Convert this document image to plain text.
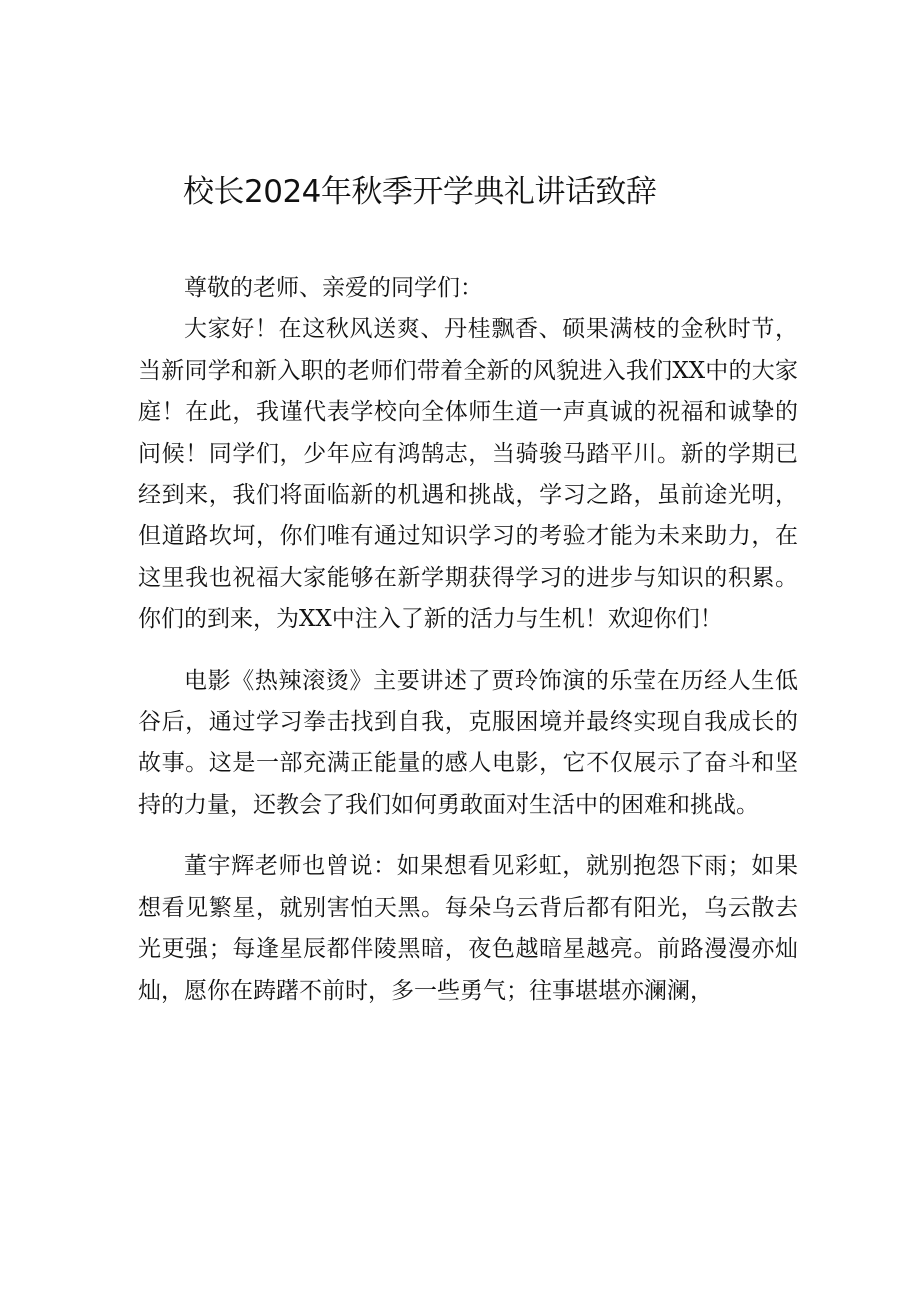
校长2024年秋季开学典礼讲话致辞

尊敬的老师、亲爱的同学们：

大家好！在这秋风送爽、丹桂飘香、硕果满枝的金秋时节，当新同学和新入职的老师们带着全新的风貌进入我们XX中的大家庭！在此，我谨代表学校向全体师生道一声真诚的祝福和诚挚的问候！同学们，少年应有鸿鹄志，当骑骏马踏平川。新的学期已经到来，我们将面临新的机遇和挑战，学习之路，虽前途光明，但道路坎坷，你们唯有通过知识学习的考验才能为未来助力，在这里我也祝福大家能够在新学期获得学习的进步与知识的积累。你们的到来，为XX中注入了新的活力与生机！欢迎你们！

电影《热辣滚烫》主要讲述了贾玲饰演的乐莹在历经人生低谷后，通过学习拳击找到自我，克服困境并最终实现自我成长的故事。这是一部充满正能量的感人电影，它不仅展示了奋斗和坚持的力量，还教会了我们如何勇敢面对生活中的困难和挑战。

董宇辉老师也曾说：如果想看见彩虹，就别抱怨下雨；如果想看见繁星，就别害怕天黑。每朵乌云背后都有阳光，乌云散去光更强；每逢星辰都伴陵黑暗，夜色越暗星越亮。前路漫漫亦灿灿，愿你在踌躇不前时，多一些勇气；往事堪堪亦澜澜，
